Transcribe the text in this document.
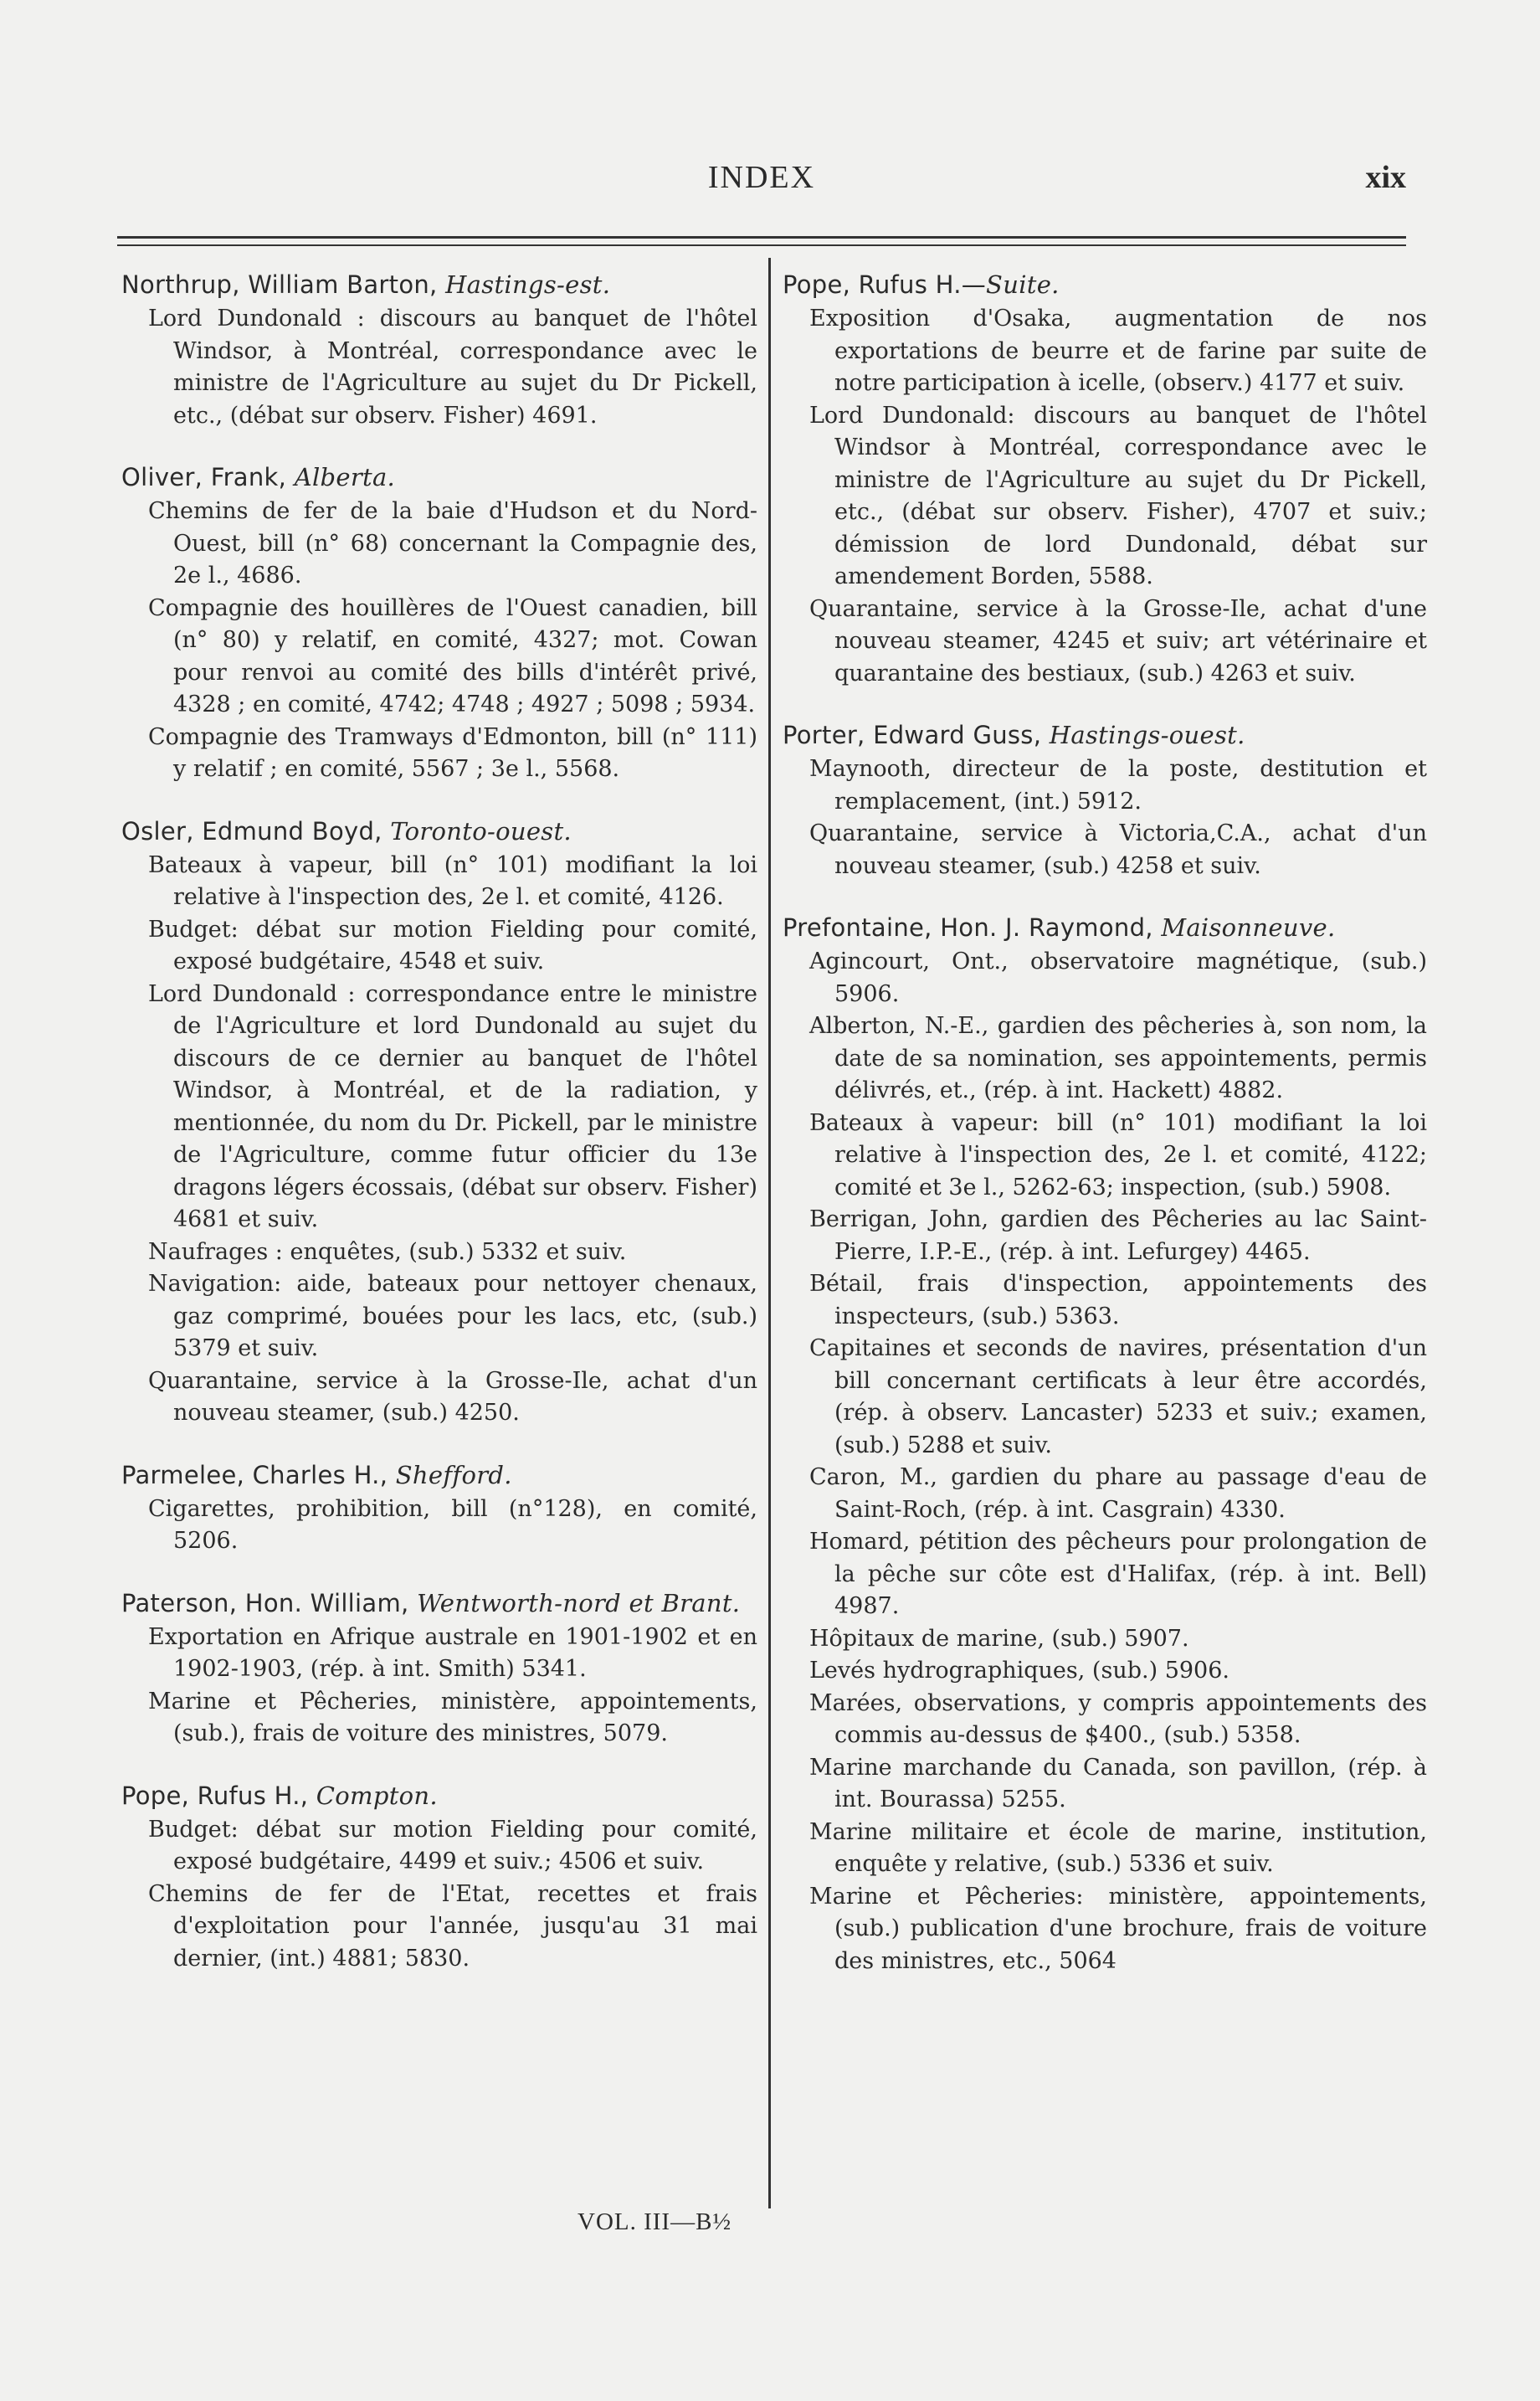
INDEX	xix
Northrup, William Barton, Hastings-est.
Lord Dundonald : discours au banquet de l'hôtel Windsor, à Montréal, correspondance avec le ministre de l'Agriculture au sujet du Dr Pickell, etc., (débat sur observ. Fisher) 4691.
Oliver, Frank, Alberta.
Chemins de fer de la baie d'Hudson et du Nord-Ouest, bill (n° 68) concernant la Compagnie des, 2e l., 4686.
Compagnie des houillères de l'Ouest canadien, bill (n° 80) y relatif, en comité, 4327; mot. Cowan pour renvoi au comité des bills d'intérêt privé, 4328 ; en comité, 4742; 4748 ; 4927 ; 5098 ; 5934.
Compagnie des Tramways d'Edmonton, bill (n° 111) y relatif ; en comité, 5567 ; 3e l., 5568.
Osler, Edmund Boyd, Toronto-ouest.
Bateaux à vapeur, bill (n° 101) modifiant la loi relative à l'inspection des, 2e l. et comité, 4126.
Budget: débat sur motion Fielding pour comité, exposé budgétaire, 4548 et suiv.
Lord Dundonald : correspondance entre le ministre de l'Agriculture et lord Dundonald au sujet du discours de ce dernier au banquet de l'hôtel Windsor, à Montréal, et de la radiation, y mentionnée, du nom du Dr. Pickell, par le ministre de l'Agriculture, comme futur officier du 13e dragons légers écossais, (débat sur observ. Fisher) 4681 et suiv.
Naufrages : enquêtes, (sub.) 5332 et suiv.
Navigation: aide, bateaux pour nettoyer chenaux, gaz comprimé, bouées pour les lacs, etc, (sub.) 5379 et suiv.
Quarantaine, service à la Grosse-Ile, achat d'un nouveau steamer, (sub.) 4250.
Parmelee, Charles H., Shefford.
Cigarettes, prohibition, bill (n°128), en comité, 5206.
Paterson, Hon. William, Wentworth-nord et Brant.
Exportation en Afrique australe en 1901-1902 et en 1902-1903, (rép. à int. Smith) 5341.
Marine et Pêcheries, ministère, appointements, (sub.), frais de voiture des ministres, 5079.
Pope, Rufus H., Compton.
Budget: débat sur motion Fielding pour comité, exposé budgétaire, 4499 et suiv.; 4506 et suiv.
Chemins de fer de l'Etat, recettes et frais d'exploitation pour l'année, jusqu'au 31 mai dernier, (int.) 4881; 5830.
Pope, Rufus H.—Suite.
Exposition d'Osaka, augmentation de nos exportations de beurre et de farine par suite de notre participation à icelle, (observ.) 4177 et suiv.
Lord Dundonald: discours au banquet de l'hôtel Windsor à Montréal, correspondance avec le ministre de l'Agriculture au sujet du Dr Pickell, etc., (débat sur observ. Fisher), 4707 et suiv.; démission de lord Dundonald, débat sur amendement Borden, 5588.
Quarantaine, service à la Grosse-Ile, achat d'une nouveau steamer, 4245 et suiv; art vétérinaire et quarantaine des bestiaux, (sub.) 4263 et suiv.
Porter, Edward Guss, Hastings-ouest.
Maynooth, directeur de la poste, destitution et remplacement, (int.) 5912.
Quarantaine, service à Victoria,C.A., achat d'un nouveau steamer, (sub.) 4258 et suiv.
Prefontaine, Hon. J. Raymond, Maisonneuve.
Agincourt, Ont., observatoire magnétique, (sub.) 5906.
Alberton, N.-E., gardien des pêcheries à, son nom, la date de sa nomination, ses appointements, permis délivrés, et., (rép. à int. Hackett) 4882.
Bateaux à vapeur: bill (n° 101) modifiant la loi relative à l'inspection des, 2e l. et comité, 4122; comité et 3e l., 5262-63; inspection, (sub.) 5908.
Berrigan, John, gardien des Pêcheries au lac Saint-Pierre, I.P.-E., (rép. à int. Lefurgey) 4465.
Bétail, frais d'inspection, appointements des inspecteurs, (sub.) 5363.
Capitaines et seconds de navires, présentation d'un bill concernant certificats à leur être accordés, (rép. à observ. Lancaster) 5233 et suiv.; examen, (sub.) 5288 et suiv.
Caron, M., gardien du phare au passage d'eau de Saint-Roch, (rép. à int. Casgrain) 4330.
Homard, pétition des pêcheurs pour prolongation de la pêche sur côte est d'Halifax, (rép. à int. Bell) 4987.
Hôpitaux de marine, (sub.) 5907.
Levés hydrographiques, (sub.) 5906.
Marées, observations, y compris appointements des commis au-dessus de $400., (sub.) 5358.
Marine marchande du Canada, son pavillon, (rép. à int. Bourassa) 5255.
Marine militaire et école de marine, institution, enquête y relative, (sub.) 5336 et suiv.
Marine et Pêcheries: ministère, appointements, (sub.) publication d'une brochure, frais de voiture des ministres, etc., 5064
VOL. III—B½
